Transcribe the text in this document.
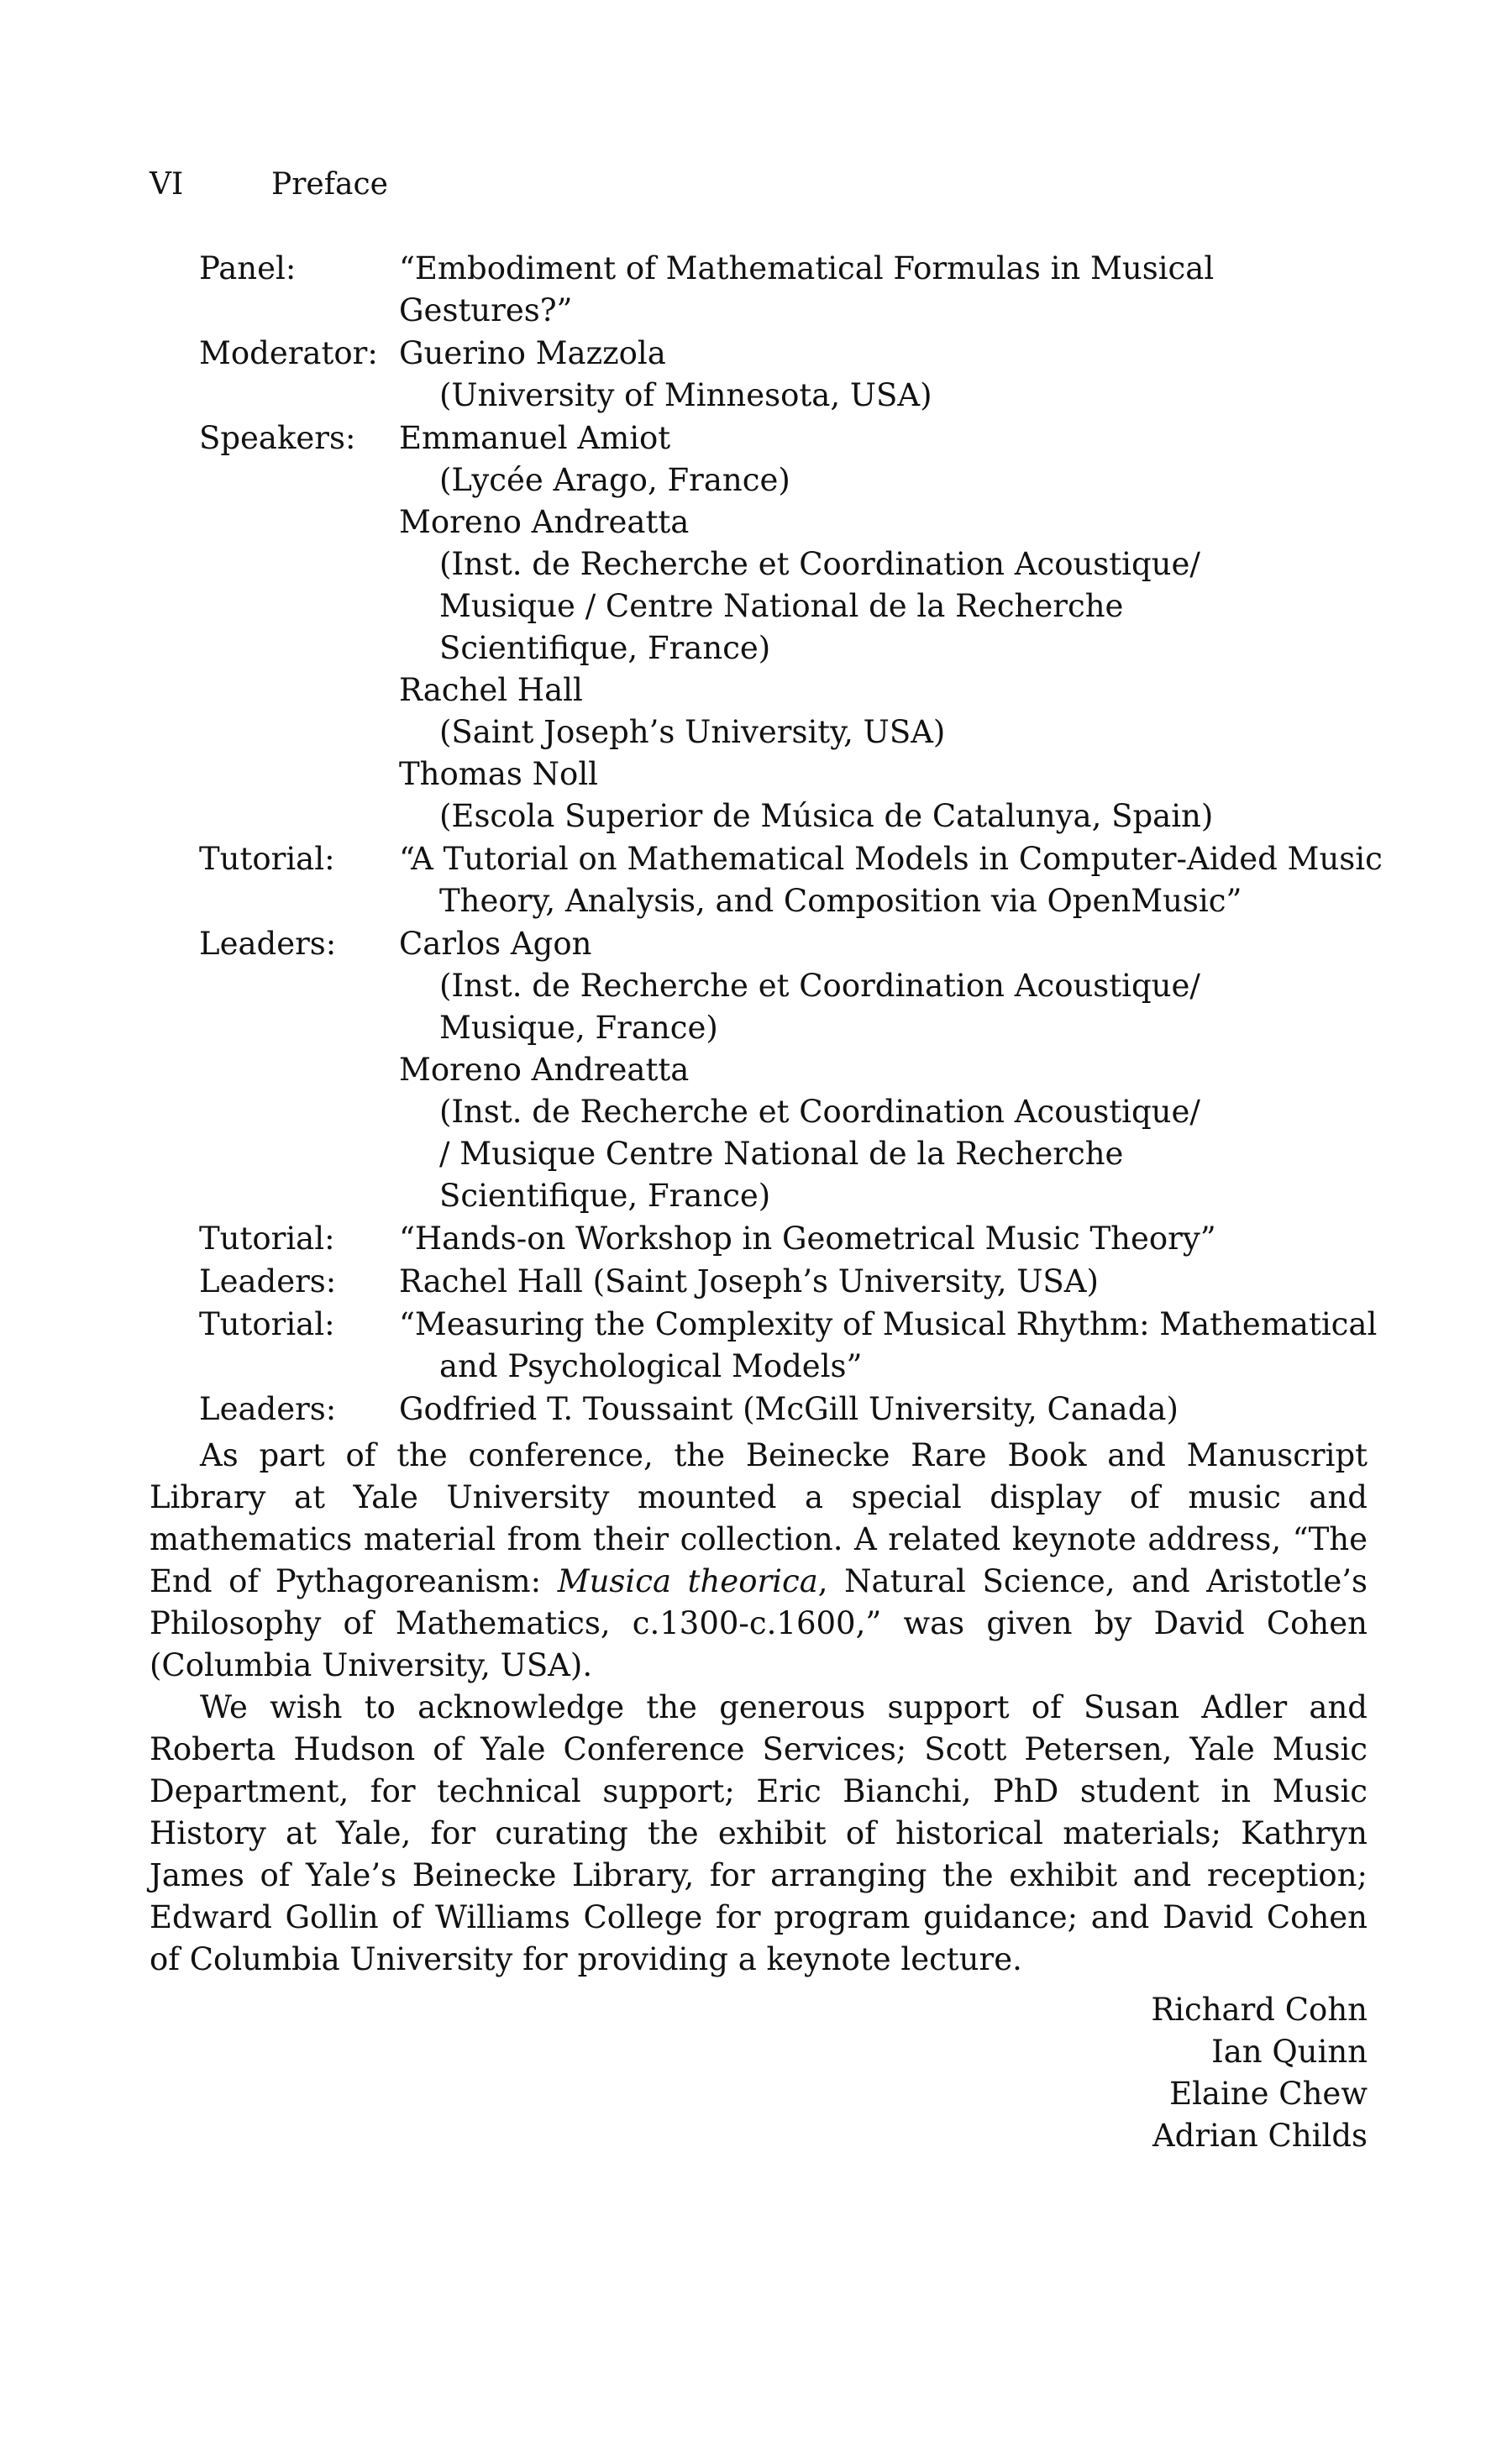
VI	Preface
Panel:	“Embodiment of Mathematical Formulas in Musical Gestures?”
Moderator: Guerino Mazzola
(University of Minnesota, USA)
Speakers:	Emmanuel Amiot
(Lycée Arago, France)
Moreno Andreatta
(Inst. de Recherche et Coordination Acoustique/
Musique / Centre National de la Recherche
Scientifique, France)
Rachel Hall
(Saint Joseph’s University, USA)
Thomas Noll
(Escola Superior de Música de Catalunya, Spain)
Tutorial:	“A Tutorial on Mathematical Models in Computer-Aided Music
Theory, Analysis, and Composition via OpenMusic”
Leaders:	Carlos Agon
(Inst. de Recherche et Coordination Acoustique/
Musique, France)
Moreno Andreatta
(Inst. de Recherche et Coordination Acoustique/
/ Musique Centre National de la Recherche
Scientifique, France)
Tutorial:	“Hands-on Workshop in Geometrical Music Theory”
Leaders:	Rachel Hall (Saint Joseph’s University, USA)
Tutorial:	“Measuring the Complexity of Musical Rhythm: Mathematical
and Psychological Models”
Leaders:	Godfried T. Toussaint (McGill University, Canada)

As part of the conference, the Beinecke Rare Book and Manuscript Library at Yale University mounted a special display of music and mathematics material from their collection. A related keynote address, “The End of Pythagoreanism: Musica theorica, Natural Science, and Aristotle’s Philosophy of Mathematics, c.1300-c.1600,” was given by David Cohen (Columbia University, USA).

We wish to acknowledge the generous support of Susan Adler and Roberta Hudson of Yale Conference Services; Scott Petersen, Yale Music Department, for technical support; Eric Bianchi, PhD student in Music History at Yale, for curating the exhibit of historical materials; Kathryn James of Yale’s Beinecke Library, for arranging the exhibit and reception; Edward Gollin of Williams College for program guidance; and David Cohen of Columbia University for providing a keynote lecture.

Richard Cohn
Ian Quinn
Elaine Chew
Adrian Childs
